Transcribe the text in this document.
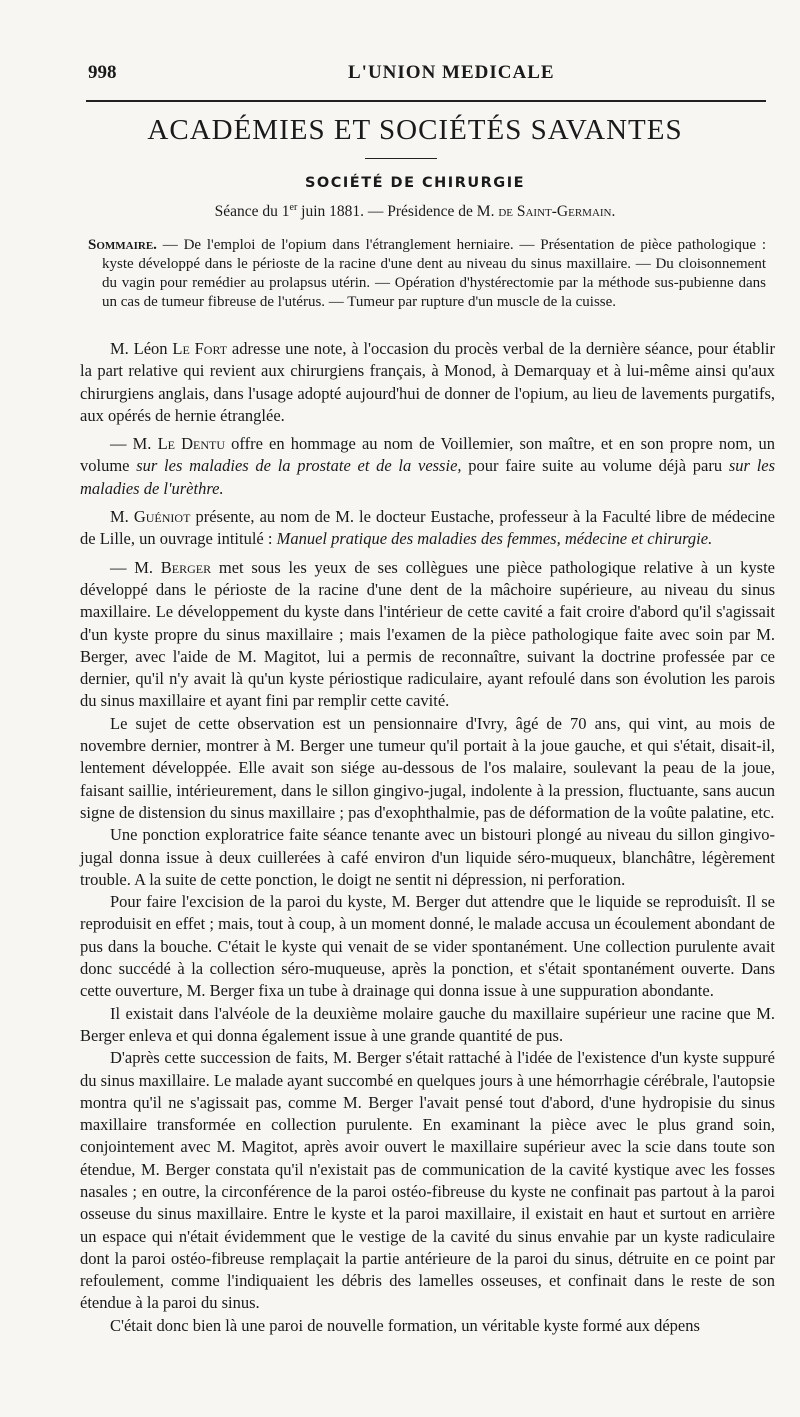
998	L'UNION MEDICALE
ACADÉMIES ET SOCIÉTÉS SAVANTES
SOCIÉTÉ DE CHIRURGIE
Séance du 1er juin 1881. — Présidence de M. de Saint-Germain.
Sommaire. — De l'emploi de l'opium dans l'étranglement herniaire. — Présentation de pièce pathologique : kyste développé dans le périoste de la racine d'une dent au niveau du sinus maxillaire. — Du cloisonnement du vagin pour remédier au prolapsus utérin. — Opération d'hystérectomie par la méthode sus-pubienne dans un cas de tumeur fibreuse de l'utérus. — Tumeur par rupture d'un muscle de la cuisse.

M. Léon Le Fort adresse une note, à l'occasion du procès verbal de la dernière séance, pour établir la part relative qui revient aux chirurgiens français, à Monod, à Demarquay et à lui-même ainsi qu'aux chirurgiens anglais, dans l'usage adopté aujourd'hui de donner de l'opium, au lieu de lavements purgatifs, aux opérés de hernie étranglée.

— M. Le Dentu offre en hommage au nom de Voillemier, son maître, et en son propre nom, un volume sur les maladies de la prostate et de la vessie, pour faire suite au volume déjà paru sur les maladies de l'urèthre.

M. Guéniot présente, au nom de M. le docteur Eustache, professeur à la Faculté libre de médecine de Lille, un ouvrage intitulé : Manuel pratique des maladies des femmes, médecine et chirurgie.

— M. Berger met sous les yeux de ses collègues une pièce pathologique relative à un kyste développé dans le périoste de la racine d'une dent de la mâchoire supérieure, au niveau du sinus maxillaire. Le développement du kyste dans l'intérieur de cette cavité a fait croire d'abord qu'il s'agissait d'un kyste propre du sinus maxillaire ; mais l'examen de la pièce pathologique faite avec soin par M. Berger, avec l'aide de M. Magitot, lui a permis de reconnaître, suivant la doctrine professée par ce dernier, qu'il n'y avait là qu'un kyste périostique radiculaire, ayant refoulé dans son évolution les parois du sinus maxillaire et ayant fini par remplir cette cavité.

Le sujet de cette observation est un pensionnaire d'Ivry, âgé de 70 ans, qui vint, au mois de novembre dernier, montrer à M. Berger une tumeur qu'il portait à la joue gauche, et qui s'était, disait-il, lentement développée. Elle avait son siége au-dessous de l'os malaire, soulevant la peau de la joue, faisant saillie, intérieurement, dans le sillon gingivo-jugal, indolente à la pression, fluctuante, sans aucun signe de distension du sinus maxillaire ; pas d'exophthalmie, pas de déformation de la voûte palatine, etc.

Une ponction exploratrice faite séance tenante avec un bistouri plongé au niveau du sillon gingivo-jugal donna issue à deux cuillerées à café environ d'un liquide séro-muqueux, blanchâtre, légèrement trouble. A la suite de cette ponction, le doigt ne sentit ni dépression, ni perforation.

Pour faire l'excision de la paroi du kyste, M. Berger dut attendre que le liquide se reproduisît. Il se reproduisit en effet ; mais, tout à coup, à un moment donné, le malade accusa un écoulement abondant de pus dans la bouche. C'était le kyste qui venait de se vider spontanément. Une collection purulente avait donc succédé à la collection séro-muqueuse, après la ponction, et s'était spontanément ouverte. Dans cette ouverture, M. Berger fixa un tube à drainage qui donna issue à une suppuration abondante.

Il existait dans l'alvéole de la deuxième molaire gauche du maxillaire supérieur une racine que M. Berger enleva et qui donna également issue à une grande quantité de pus.

D'après cette succession de faits, M. Berger s'était rattaché à l'idée de l'existence d'un kyste suppuré du sinus maxillaire. Le malade ayant succombé en quelques jours à une hémorrhagie cérébrale, l'autopsie montra qu'il ne s'agissait pas, comme M. Berger l'avait pensé tout d'abord, d'une hydropisie du sinus maxillaire transformée en collection purulente. En examinant la pièce avec le plus grand soin, conjointement avec M. Magitot, après avoir ouvert le maxillaire supérieur avec la scie dans toute son étendue, M. Berger constata qu'il n'existait pas de communication de la cavité kystique avec les fosses nasales ; en outre, la circonférence de la paroi ostéo-fibreuse du kyste ne confinait pas partout à la paroi osseuse du sinus maxillaire. Entre le kyste et la paroi maxillaire, il existait en haut et surtout en arrière un espace qui n'était évidemment que le vestige de la cavité du sinus envahie par un kyste radiculaire dont la paroi ostéo-fibreuse remplaçait la partie antérieure de la paroi du sinus, détruite en ce point par refoulement, comme l'indiquaient les débris des lamelles osseuses, et confinait dans le reste de son étendue à la paroi du sinus.

C'était donc bien là une paroi de nouvelle formation, un véritable kyste formé aux dépens
